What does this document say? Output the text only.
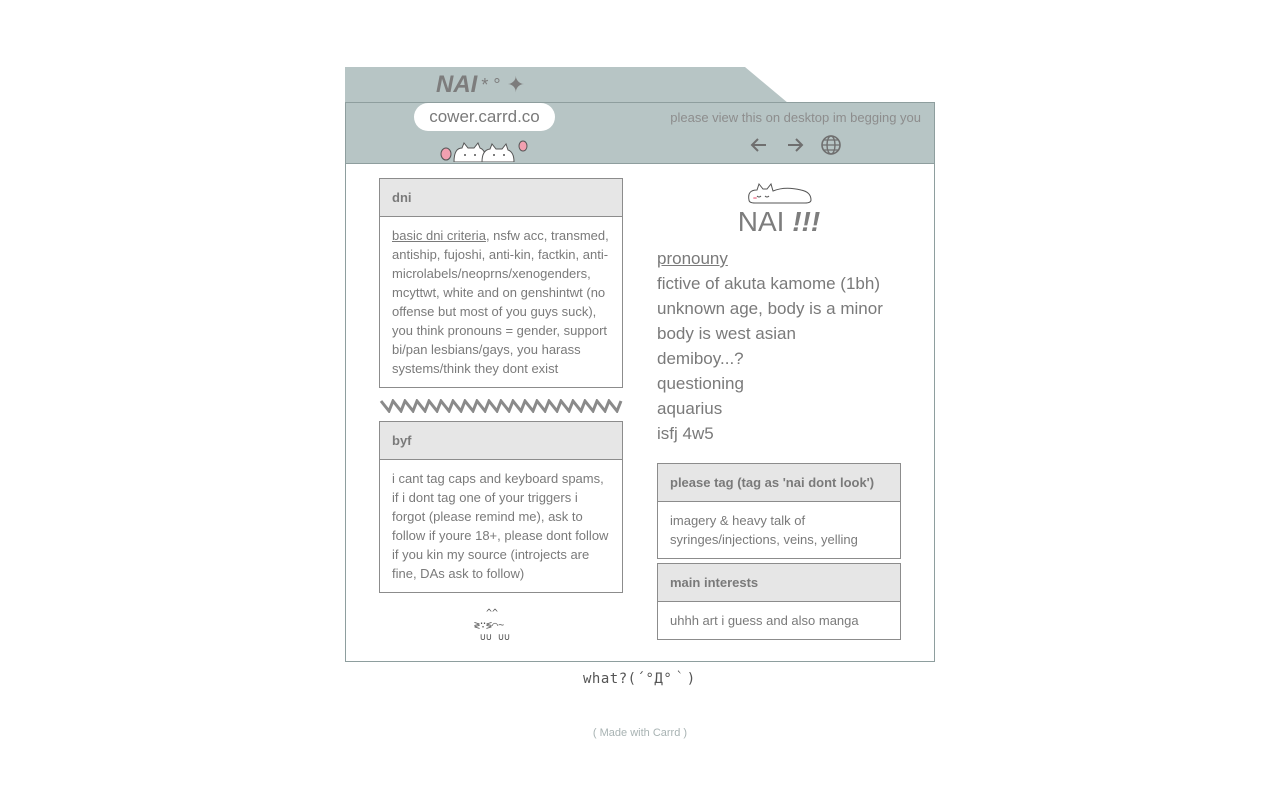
NAI * ° ✦
cower.carrd.co	please view this on desktop im begging you
dni
basic dni criteria, nsfw acc, transmed, antiship, fujoshi, anti-kin, factkin, anti-microlabels/neoprns/xenogenders, mcyttwt, white and on genshintwt (no offense but most of you guys suck), you think pronouns = gender, support bi/pan lesbians/gays, you harass systems/think they dont exist
byf
i cant tag caps and keyboard spams, if i dont tag one of your triggers i forgot (please remind me), ask to follow if youre 18+, please dont follow if you kin my source (introjects are fine, DAs ask to follow)
^^
≷∵≶⌒~
∪∪ ∪∪
NAI !!!
pronouny
fictive of akuta kamome (1bh)
unknown age, body is a minor
body is west asian
demiboy...?
questioning
aquarius
isfj 4w5
please tag (tag as 'nai dont look')
imagery & heavy talk of syringes/injections, veins, yelling
main interests
uhhh art i guess and also manga
what?(´°Д°｀)
( Made with Carrd )
